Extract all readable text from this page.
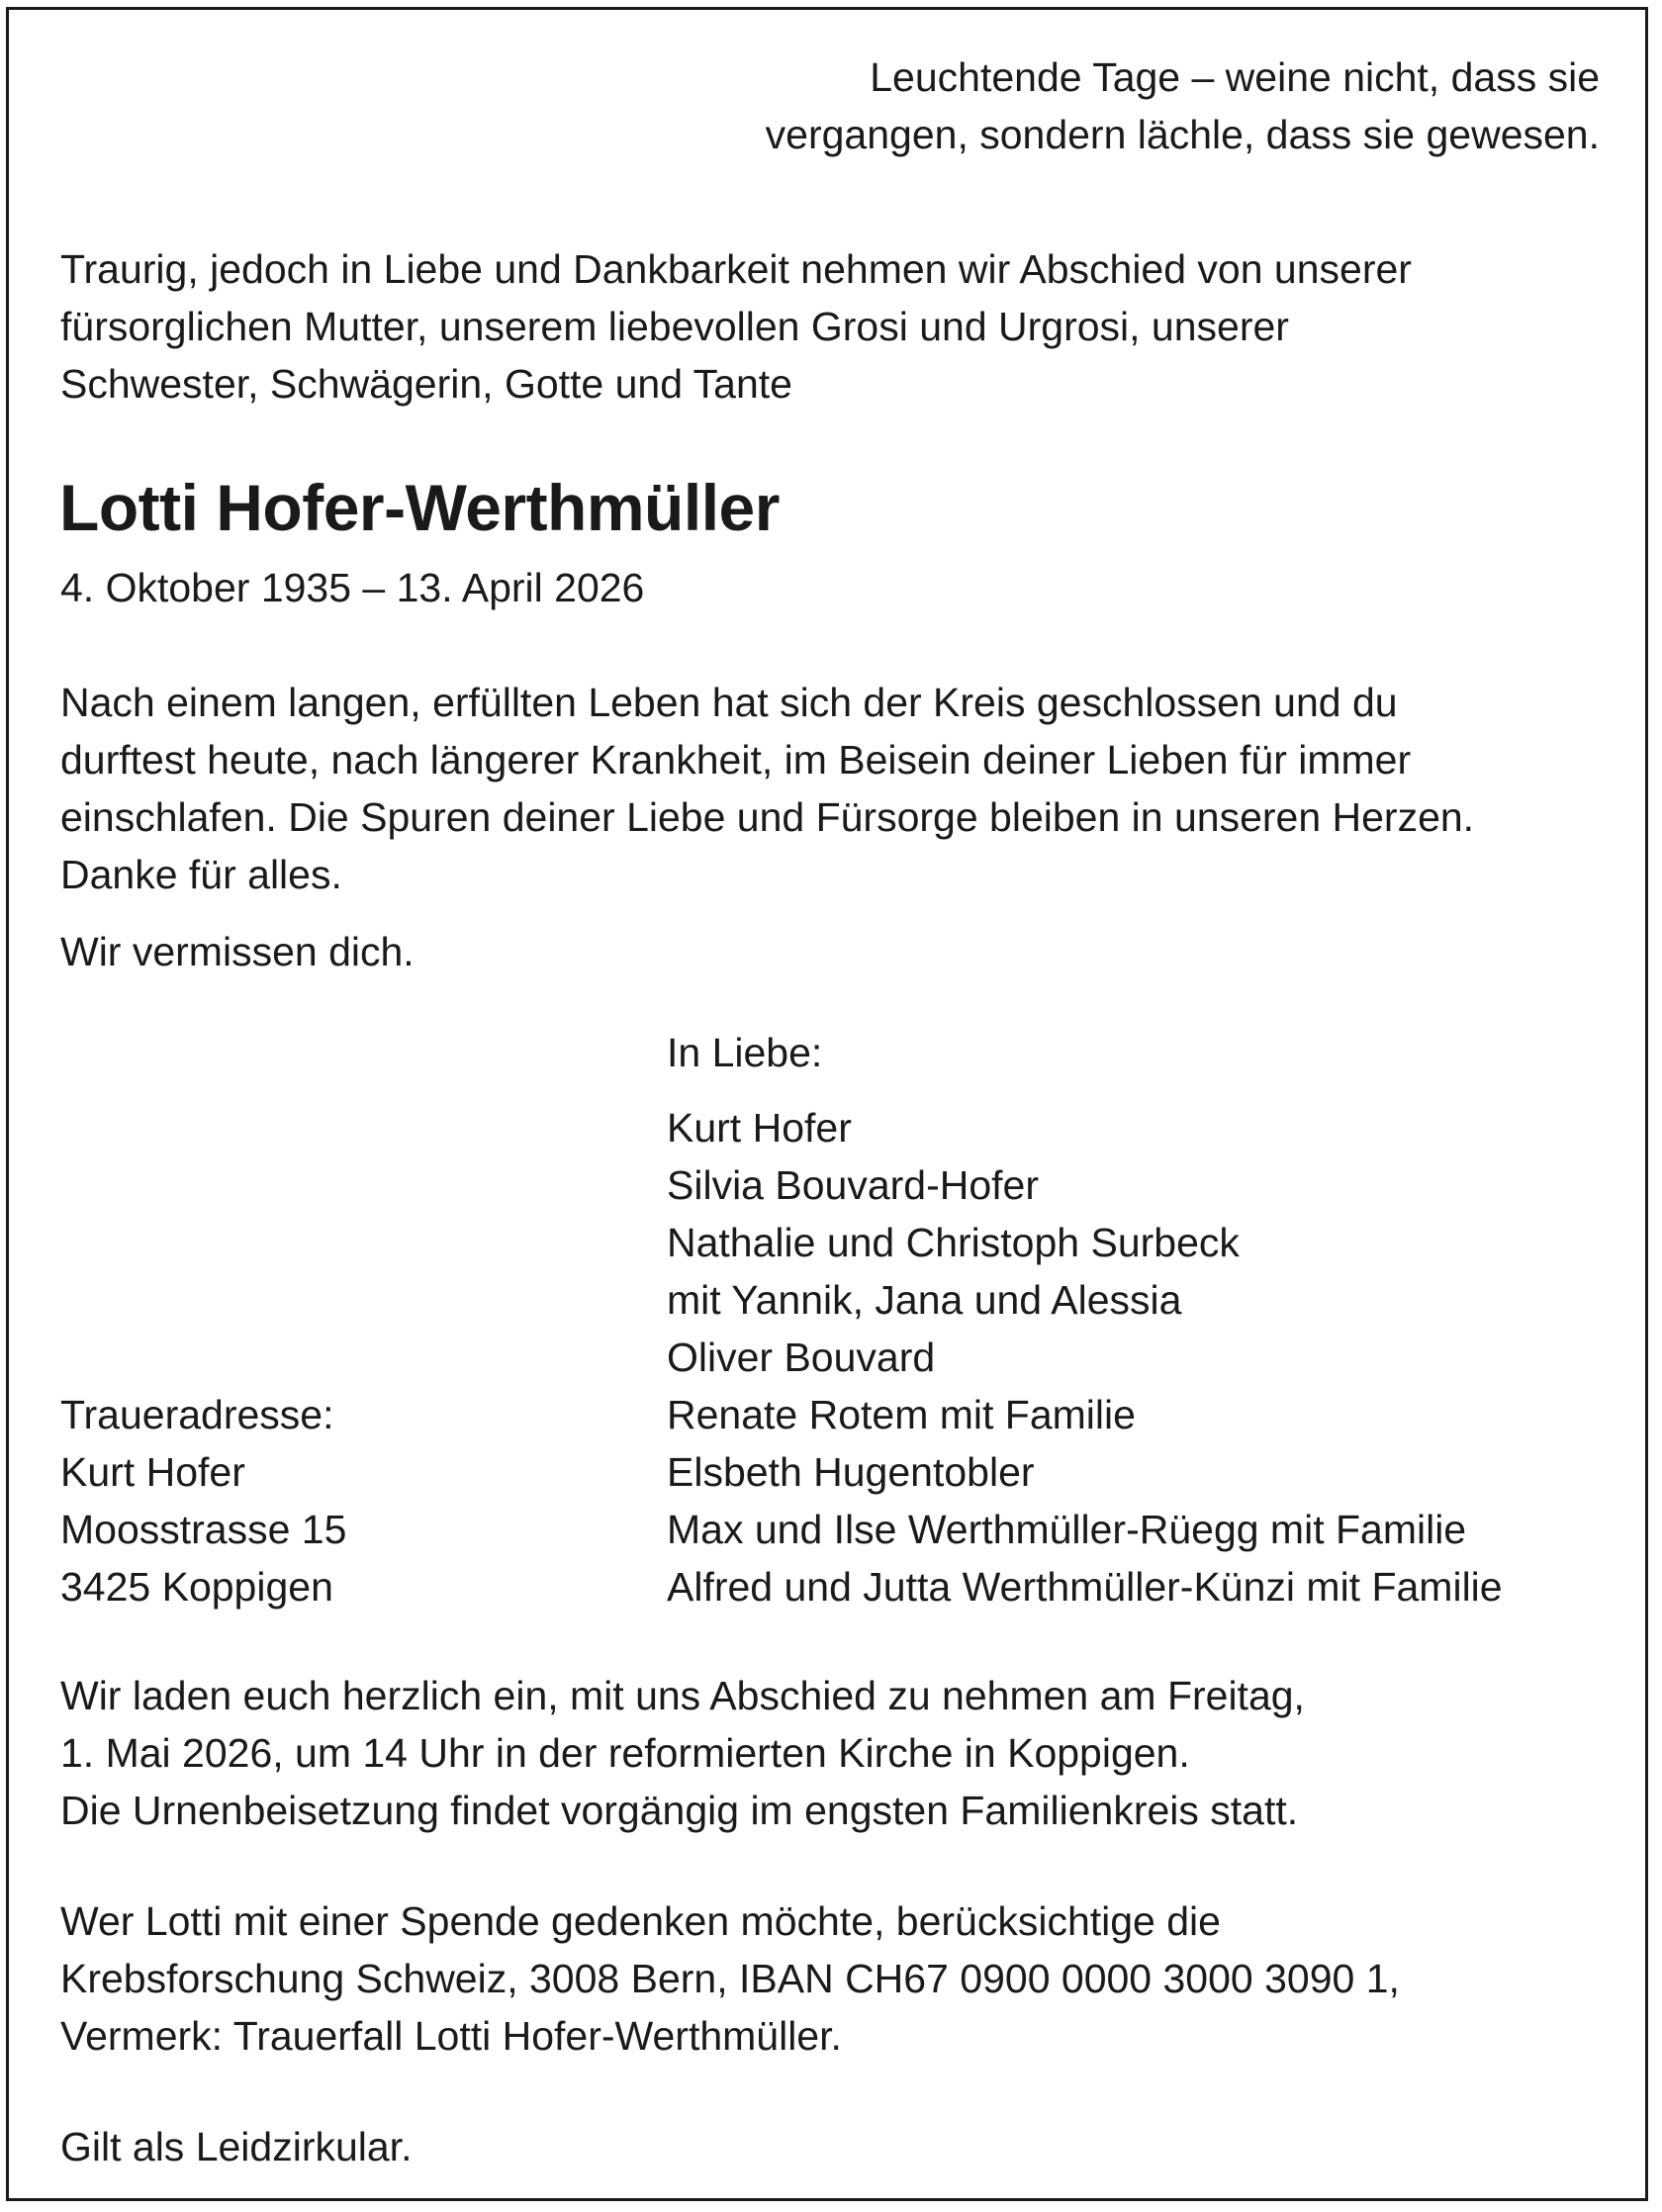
Leuchtende Tage – weine nicht, dass sie
vergangen, sondern lächle, dass sie gewesen.
Traurig, jedoch in Liebe und Dankbarkeit nehmen wir Abschied von unserer
fürsorglichen Mutter, unserem liebevollen Grosi und Urgrosi, unserer
Schwester, Schwägerin, Gotte und Tante
Lotti Hofer-Werthmüller
4. Oktober 1935 – 13. April 2026
Nach einem langen, erfüllten Leben hat sich der Kreis geschlossen und du
durftest heute, nach längerer Krankheit, im Beisein deiner Lieben für immer
einschlafen. Die Spuren deiner Liebe und Fürsorge bleiben in unseren Herzen.
Danke für alles.
Wir vermissen dich.
In Liebe:
Kurt Hofer
Silvia Bouvard-Hofer
Nathalie und Christoph Surbeck
mit Yannik, Jana und Alessia
Oliver Bouvard
Renate Rotem mit Familie
Elsbeth Hugentobler
Max und Ilse Werthmüller-Rüegg mit Familie
Alfred und Jutta Werthmüller-Künzi mit Familie
Traueradresse:
Kurt Hofer
Moosstrasse 15
3425 Koppigen
Wir laden euch herzlich ein, mit uns Abschied zu nehmen am Freitag,
1. Mai 2026, um 14 Uhr in der reformierten Kirche in Koppigen.
Die Urnenbeisetzung findet vorgängig im engsten Familienkreis statt.
Wer Lotti mit einer Spende gedenken möchte, berücksichtige die
Krebsforschung Schweiz, 3008 Bern, IBAN CH67 0900 0000 3000 3090 1,
Vermerk: Trauerfall Lotti Hofer-Werthmüller.
Gilt als Leidzirkular.
